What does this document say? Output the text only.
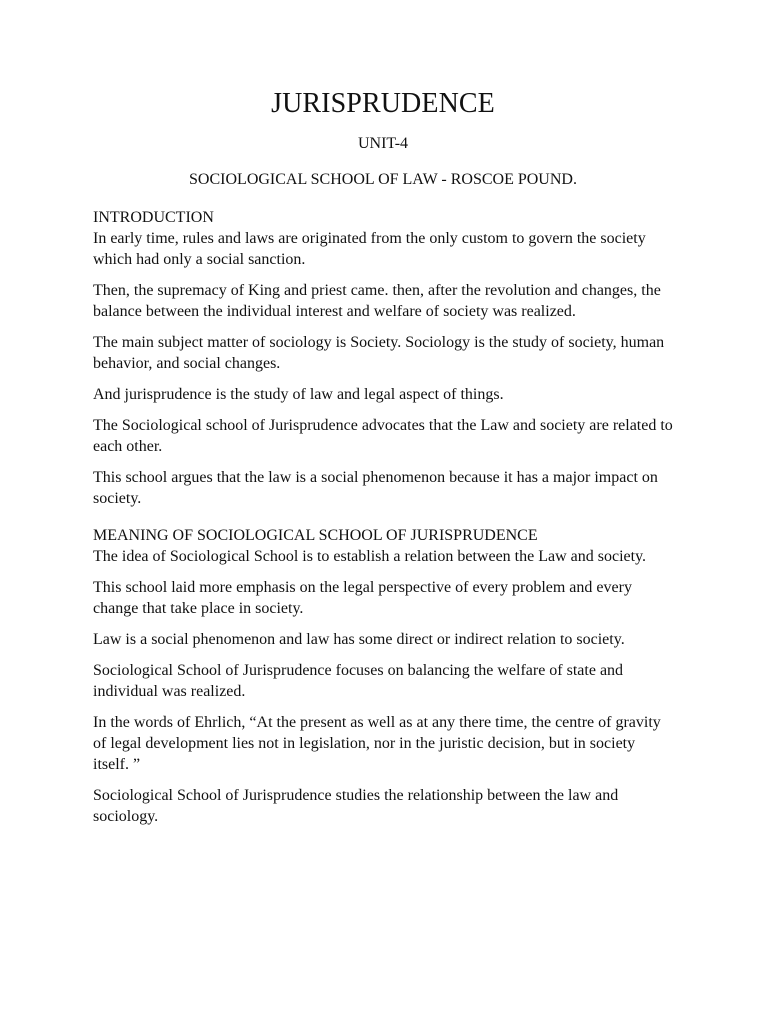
JURISPRUDENCE
UNIT-4
SOCIOLOGICAL SCHOOL OF LAW - ROSCOE POUND.
INTRODUCTION

In early time, rules and laws are originated from the only custom to govern the society which had only a social sanction.

Then, the supremacy of King and priest came. then, after the revolution and changes, the balance between the individual interest and welfare of society was realized.

The main subject matter of sociology is Society. Sociology is the study of society, human behavior, and social changes.

And jurisprudence is the study of law and legal aspect of things.

The Sociological school of Jurisprudence advocates that the Law and society are related to each other.

This school argues that the law is a social phenomenon because it has a major impact on society.

MEANING OF SOCIOLOGICAL SCHOOL OF JURISPRUDENCE

The idea of Sociological School is to establish a relation between the Law and society.

This school laid more emphasis on the legal perspective of every problem and every change that take place in society.

Law is a social phenomenon and law has some direct or indirect relation to society.

Sociological School of Jurisprudence focuses on balancing the welfare of state and individual was realized.

In the words of Ehrlich, “At the present as well as at any there time, the centre of gravity of legal development lies not in legislation, nor in the juristic decision, but in society itself. ”

Sociological School of Jurisprudence studies the relationship between the law and sociology.
